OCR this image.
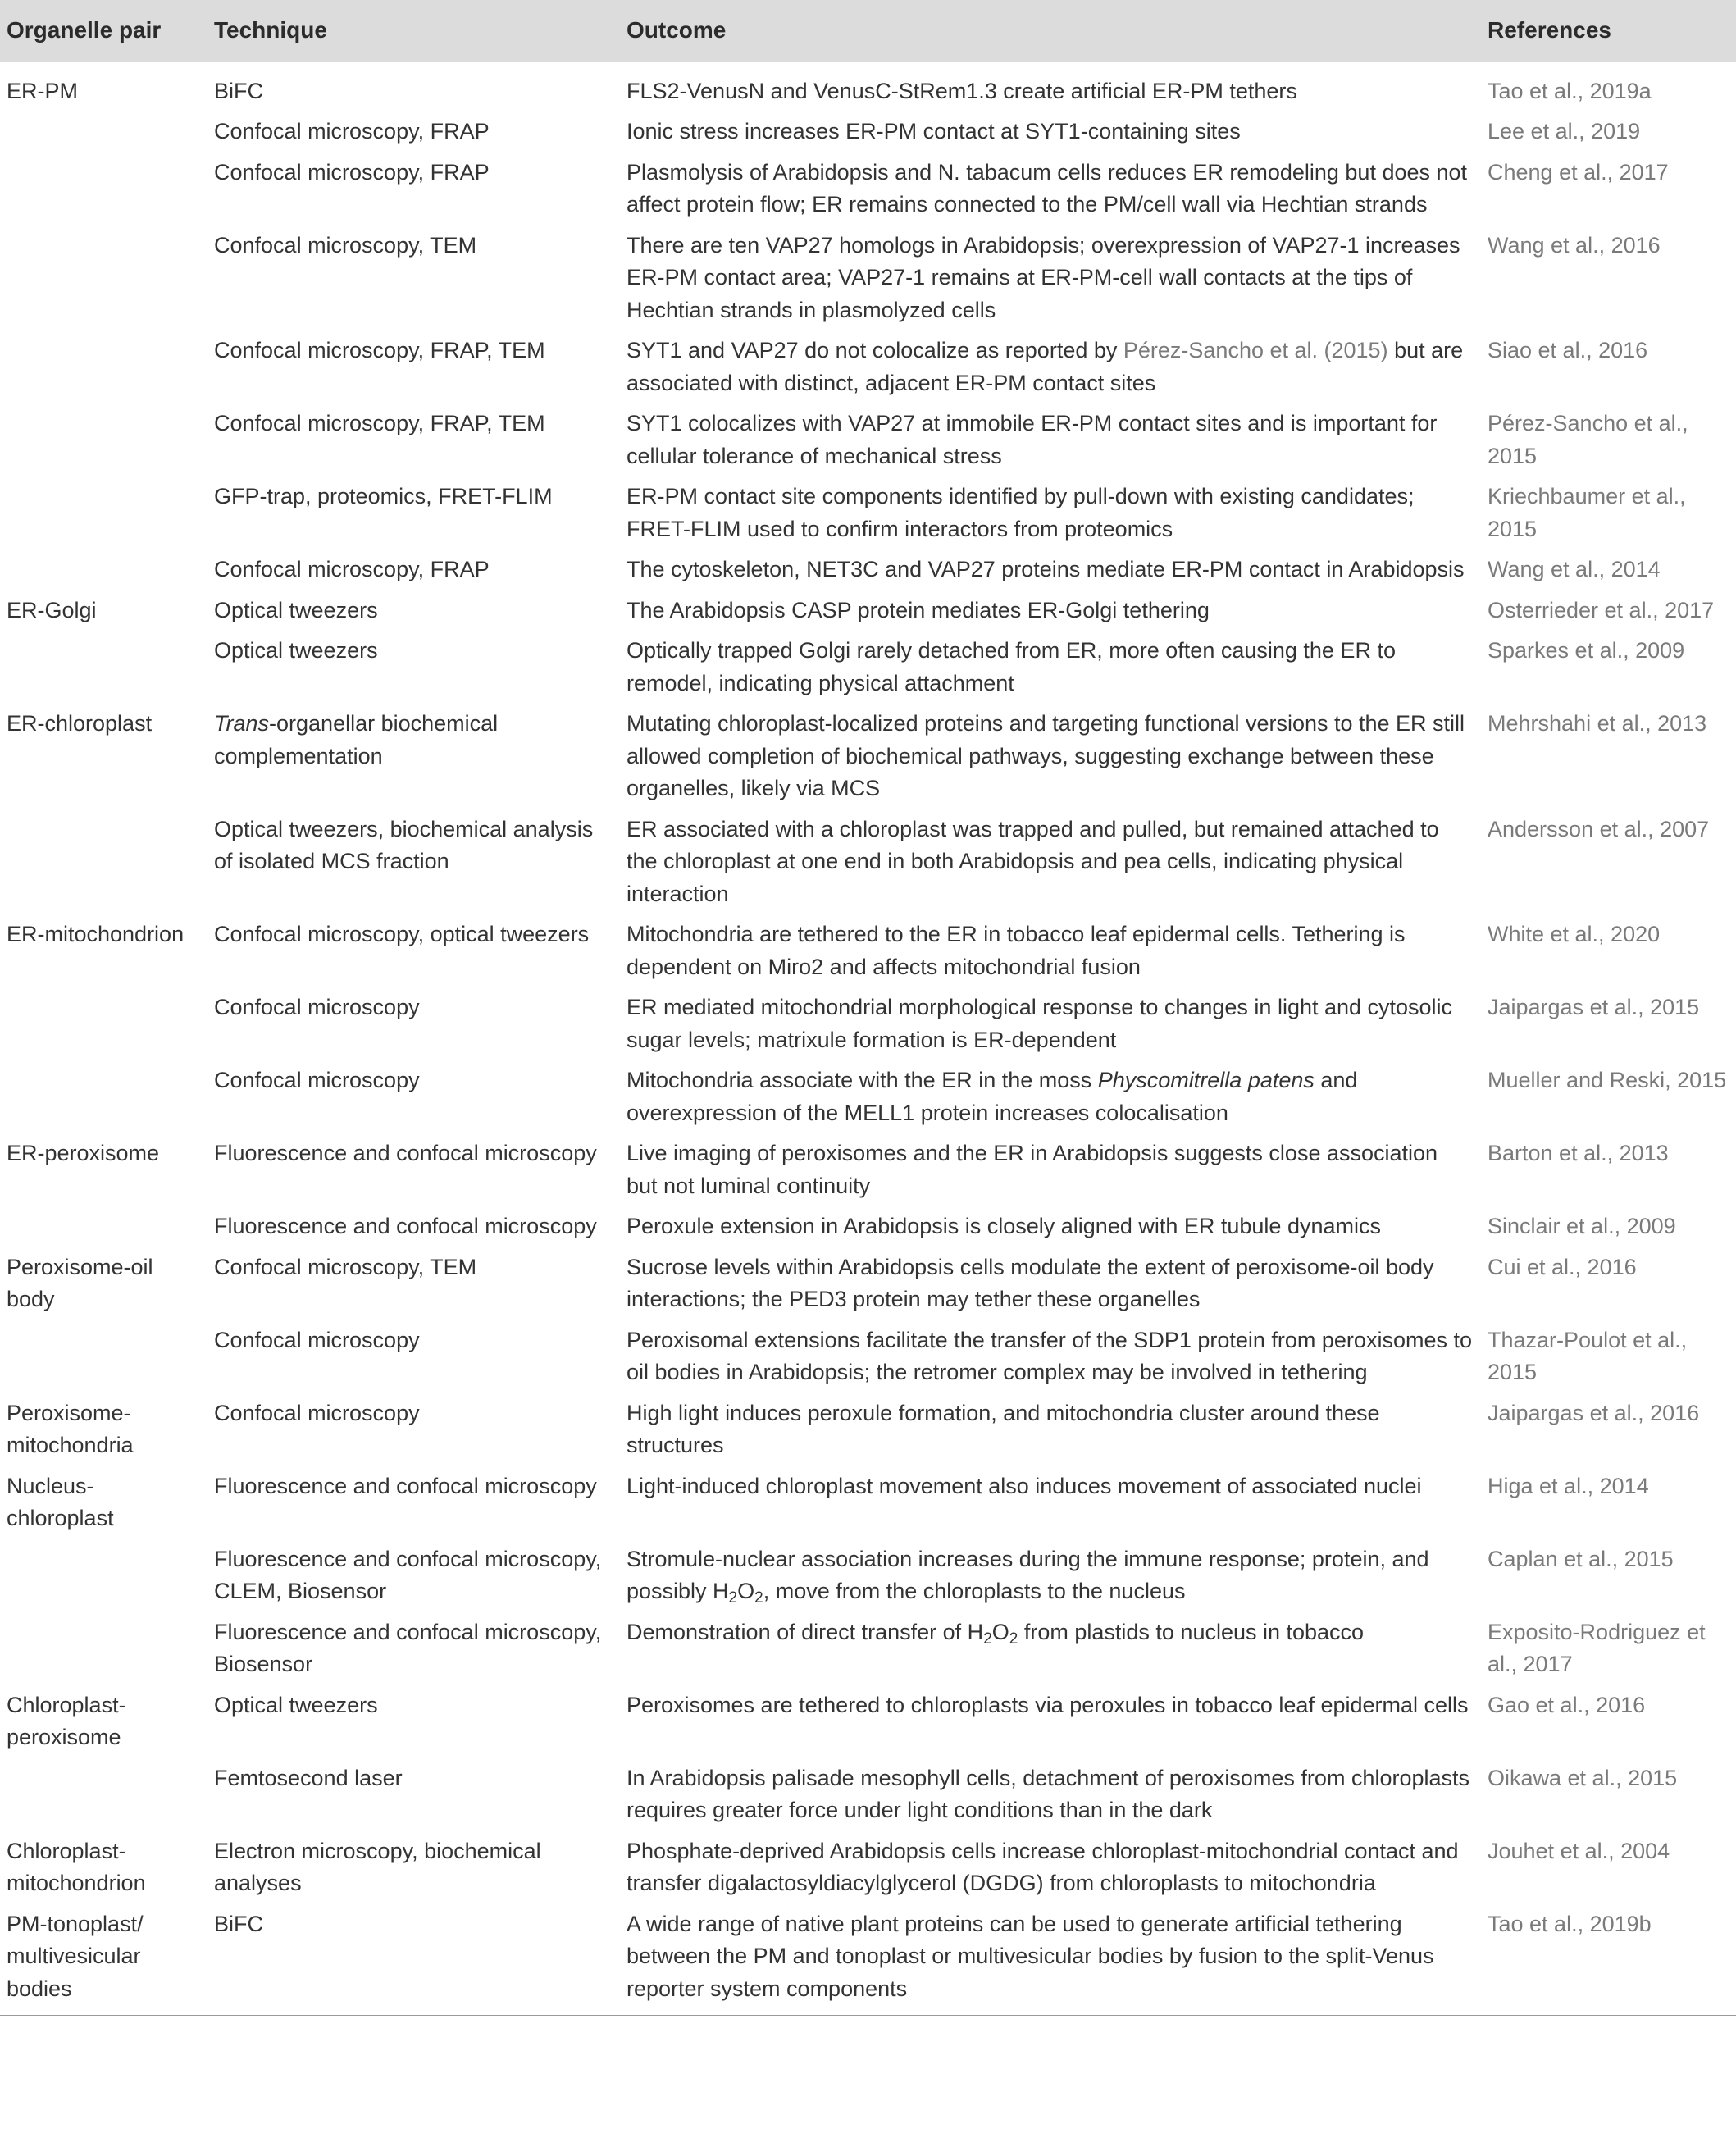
Organelle pair	Technique	Outcome	References
ER-PM	BiFC	FLS2-VenusN and VenusC-StRem1.3 create artificial ER-PM tethers	Tao et al., 2019a
	Confocal microscopy, FRAP	Ionic stress increases ER-PM contact at SYT1-containing sites	Lee et al., 2019
	Confocal microscopy, FRAP	Plasmolysis of Arabidopsis and N. tabacum cells reduces ER remodeling but does not affect protein flow; ER remains connected to the PM/cell wall via Hechtian strands	Cheng et al., 2017
	Confocal microscopy, TEM	There are ten VAP27 homologs in Arabidopsis; overexpression of VAP27-1 increases ER-PM contact area; VAP27-1 remains at ER-PM-cell wall contacts at the tips of Hechtian strands in plasmolyzed cells	Wang et al., 2016
	Confocal microscopy, FRAP, TEM	SYT1 and VAP27 do not colocalize as reported by Pérez-Sancho et al. (2015) but are associated with distinct, adjacent ER-PM contact sites	Siao et al., 2016
	Confocal microscopy, FRAP, TEM	SYT1 colocalizes with VAP27 at immobile ER-PM contact sites and is important for cellular tolerance of mechanical stress	Pérez-Sancho et al., 2015
	GFP-trap, proteomics, FRET-FLIM	ER-PM contact site components identified by pull-down with existing candidates; FRET-FLIM used to confirm interactors from proteomics	Kriechbaumer et al., 2015
	Confocal microscopy, FRAP	The cytoskeleton, NET3C and VAP27 proteins mediate ER-PM contact in Arabidopsis	Wang et al., 2014
ER-Golgi	Optical tweezers	The Arabidopsis CASP protein mediates ER-Golgi tethering	Osterrieder et al., 2017
	Optical tweezers	Optically trapped Golgi rarely detached from ER, more often causing the ER to remodel, indicating physical attachment	Sparkes et al., 2009
ER-chloroplast	Trans-organellar biochemical complementation	Mutating chloroplast-localized proteins and targeting functional versions to the ER still allowed completion of biochemical pathways, suggesting exchange between these organelles, likely via MCS	Mehrshahi et al., 2013
	Optical tweezers, biochemical analysis of isolated MCS fraction	ER associated with a chloroplast was trapped and pulled, but remained attached to the chloroplast at one end in both Arabidopsis and pea cells, indicating physical interaction	Andersson et al., 2007
ER-mitochondrion	Confocal microscopy, optical tweezers	Mitochondria are tethered to the ER in tobacco leaf epidermal cells. Tethering is dependent on Miro2 and affects mitochondrial fusion	White et al., 2020
	Confocal microscopy	ER mediated mitochondrial morphological response to changes in light and cytosolic sugar levels; matrixule formation is ER-dependent	Jaipargas et al., 2015
	Confocal microscopy	Mitochondria associate with the ER in the moss Physcomitrella patens and overexpression of the MELL1 protein increases colocalisation	Mueller and Reski, 2015
ER-peroxisome	Fluorescence and confocal microscopy	Live imaging of peroxisomes and the ER in Arabidopsis suggests close association but not luminal continuity	Barton et al., 2013
	Fluorescence and confocal microscopy	Peroxule extension in Arabidopsis is closely aligned with ER tubule dynamics	Sinclair et al., 2009
Peroxisome-oil body	Confocal microscopy, TEM	Sucrose levels within Arabidopsis cells modulate the extent of peroxisome-oil body interactions; the PED3 protein may tether these organelles	Cui et al., 2016
	Confocal microscopy	Peroxisomal extensions facilitate the transfer of the SDP1 protein from peroxisomes to oil bodies in Arabidopsis; the retromer complex may be involved in tethering	Thazar-Poulot et al., 2015
Peroxisome-mitochondria	Confocal microscopy	High light induces peroxule formation, and mitochondria cluster around these structures	Jaipargas et al., 2016
Nucleus-chloroplast	Fluorescence and confocal microscopy	Light-induced chloroplast movement also induces movement of associated nuclei	Higa et al., 2014
	Fluorescence and confocal microscopy, CLEM, Biosensor	Stromule-nuclear association increases during the immune response; protein, and possibly $H_2O_2$, move from the chloroplasts to the nucleus	Caplan et al., 2015
	Fluorescence and confocal microscopy, Biosensor	Demonstration of direct transfer of $H_2O_2$ from plastids to nucleus in tobacco	Exposito-Rodriguez et al., 2017
Chloroplast-peroxisome	Optical tweezers	Peroxisomes are tethered to chloroplasts via peroxules in tobacco leaf epidermal cells	Gao et al., 2016
	Femtosecond laser	In Arabidopsis palisade mesophyll cells, detachment of peroxisomes from chloroplasts requires greater force under light conditions than in the dark	Oikawa et al., 2015
Chloroplast-mitochondrion	Electron microscopy, biochemical analyses	Phosphate-deprived Arabidopsis cells increase chloroplast-mitochondrial contact and transfer digalactosyldiacylglycerol (DGDG) from chloroplasts to mitochondria	Jouhet et al., 2004
PM-tonoplast/ multivesicular bodies	BiFC	A wide range of native plant proteins can be used to generate artificial tethering between the PM and tonoplast or multivesicular bodies by fusion to the split-Venus reporter system components	Tao et al., 2019b
